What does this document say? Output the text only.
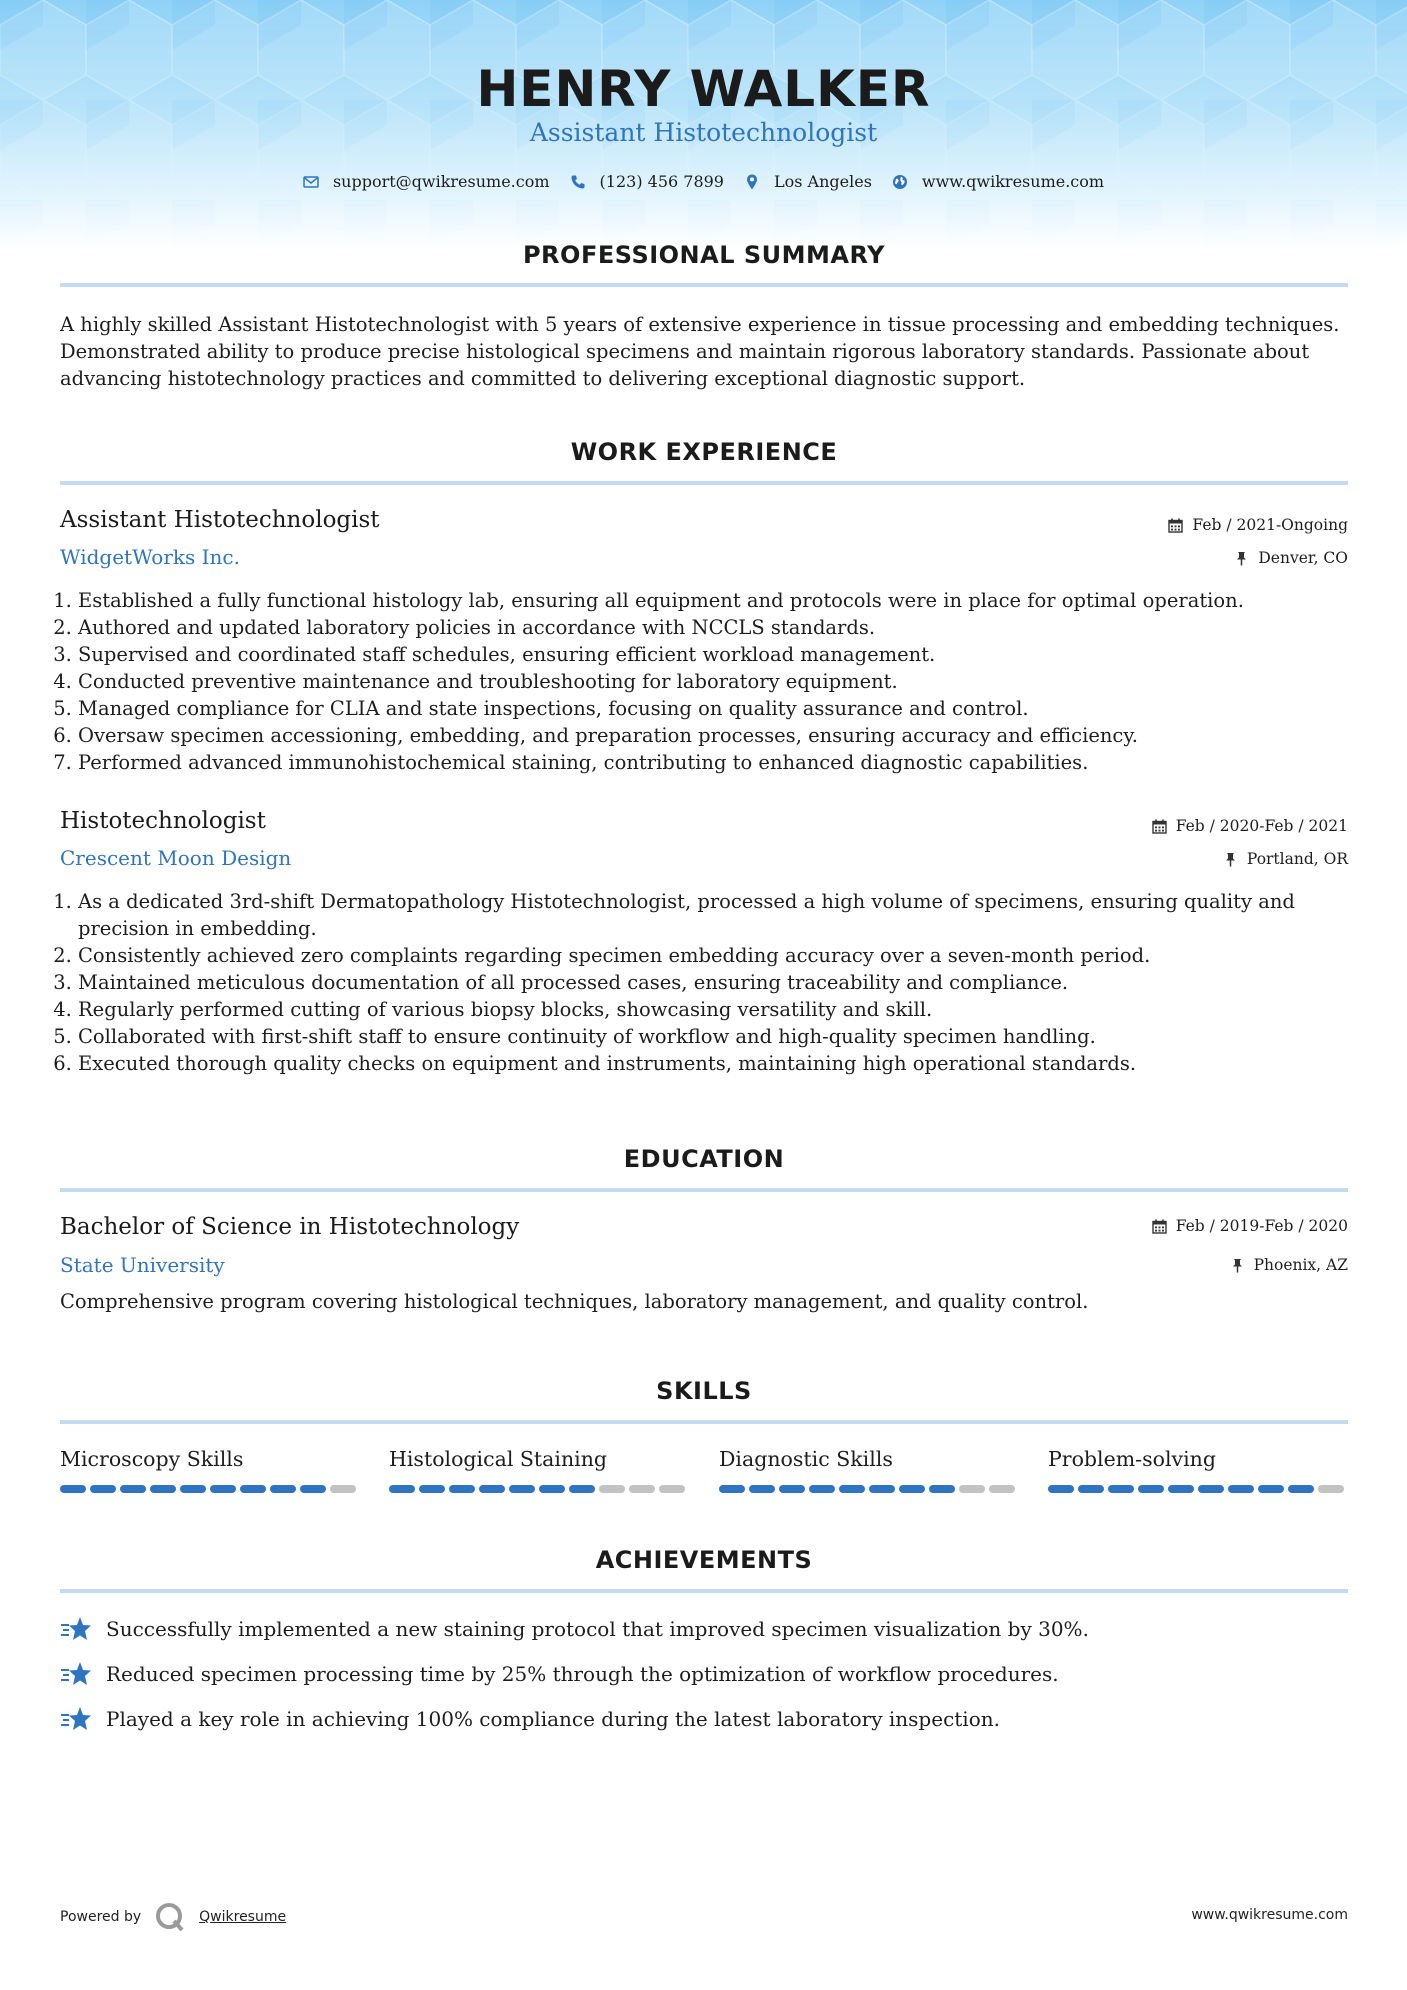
HENRY WALKER
Assistant Histotechnologist
support@qwikresume.com	(123) 456 7899	Los Angeles	www.qwikresume.com
PROFESSIONAL SUMMARY
A highly skilled Assistant Histotechnologist with 5 years of extensive experience in tissue processing and embedding techniques. Demonstrated ability to produce precise histological specimens and maintain rigorous laboratory standards. Passionate about advancing histotechnology practices and committed to delivering exceptional diagnostic support.
WORK EXPERIENCE
Assistant Histotechnologist	Feb / 2021-Ongoing
WidgetWorks Inc.	Denver, CO
1. Established a fully functional histology lab, ensuring all equipment and protocols were in place for optimal operation.
2. Authored and updated laboratory policies in accordance with NCCLS standards.
3. Supervised and coordinated staff schedules, ensuring efficient workload management.
4. Conducted preventive maintenance and troubleshooting for laboratory equipment.
5. Managed compliance for CLIA and state inspections, focusing on quality assurance and control.
6. Oversaw specimen accessioning, embedding, and preparation processes, ensuring accuracy and efficiency.
7. Performed advanced immunohistochemical staining, contributing to enhanced diagnostic capabilities.
Histotechnologist	Feb / 2020-Feb / 2021
Crescent Moon Design	Portland, OR
1. As a dedicated 3rd-shift Dermatopathology Histotechnologist, processed a high volume of specimens, ensuring quality and precision in embedding.
2. Consistently achieved zero complaints regarding specimen embedding accuracy over a seven-month period.
3. Maintained meticulous documentation of all processed cases, ensuring traceability and compliance.
4. Regularly performed cutting of various biopsy blocks, showcasing versatility and skill.
5. Collaborated with first-shift staff to ensure continuity of workflow and high-quality specimen handling.
6. Executed thorough quality checks on equipment and instruments, maintaining high operational standards.
EDUCATION
Bachelor of Science in Histotechnology	Feb / 2019-Feb / 2020
State University	Phoenix, AZ
Comprehensive program covering histological techniques, laboratory management, and quality control.
SKILLS
Microscopy Skills	Histological Staining	Diagnostic Skills	Problem-solving
ACHIEVEMENTS
Successfully implemented a new staining protocol that improved specimen visualization by 30%.
Reduced specimen processing time by 25% through the optimization of workflow procedures.
Played a key role in achieving 100% compliance during the latest laboratory inspection.
Powered by	Qwikresume	www.qwikresume.com
